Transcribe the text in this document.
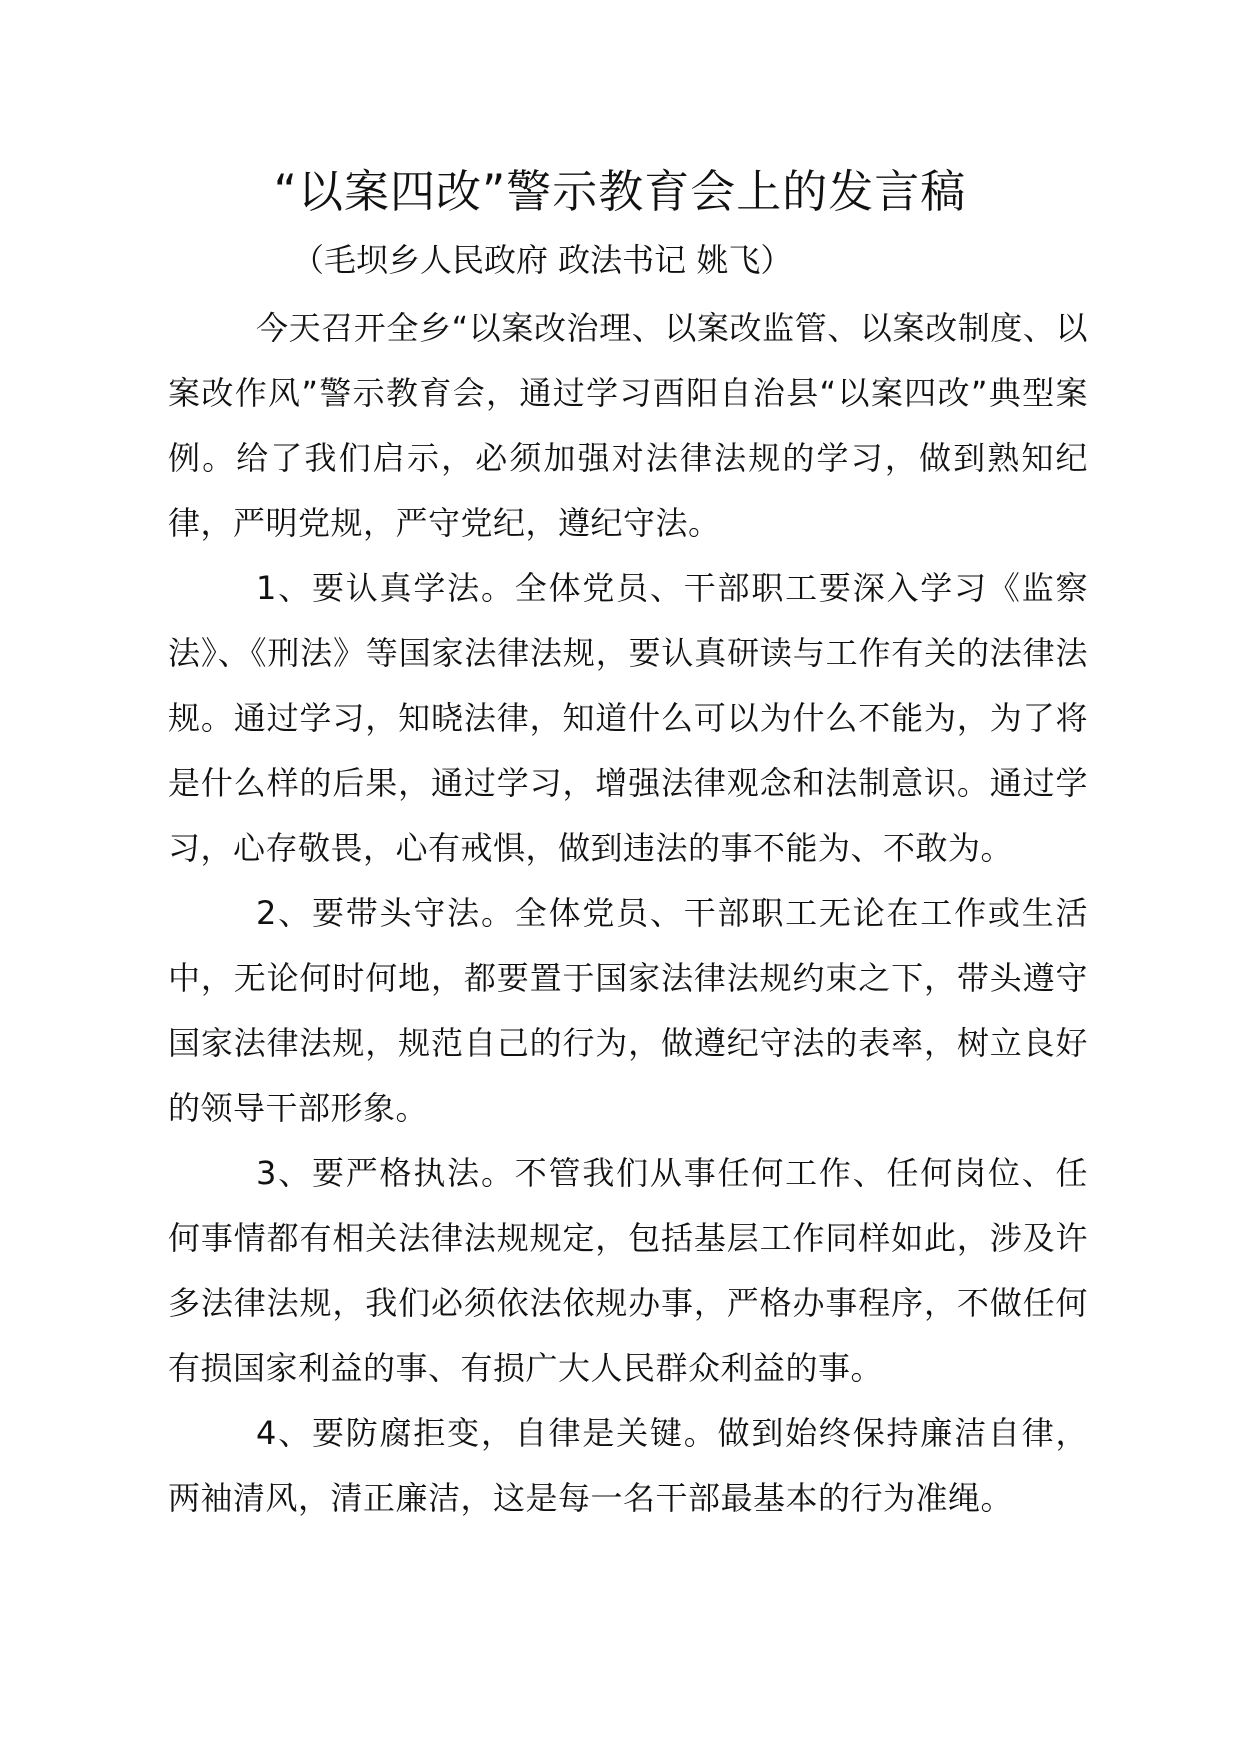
“以案四改”警示教育会上的发言稿

（毛坝乡人民政府 政法书记 姚飞）

今天召开全乡“以案改治理、以案改监管、以案改制度、以案改作风”警示教育会，通过学习酉阳自治县“以案四改”典型案例。给了我们启示，必须加强对法律法规的学习，做到熟知纪律，严明党规，严守党纪，遵纪守法。

1、要认真学法。全体党员、干部职工要深入学习《监察法》、《刑法》等国家法律法规，要认真研读与工作有关的法律法规。通过学习，知晓法律，知道什么可以为什么不能为，为了将是什么样的后果，通过学习，增强法律观念和法制意识。通过学习，心存敬畏，心有戒惧，做到违法的事不能为、不敢为。

2、要带头守法。全体党员、干部职工无论在工作或生活中，无论何时何地，都要置于国家法律法规约束之下，带头遵守国家法律法规，规范自己的行为，做遵纪守法的表率，树立良好的领导干部形象。

3、要严格执法。不管我们从事任何工作、任何岗位、任何事情都有相关法律法规规定，包括基层工作同样如此，涉及许多法律法规，我们必须依法依规办事，严格办事程序，不做任何有损国家利益的事、有损广大人民群众利益的事。

4、要防腐拒变，自律是关键。做到始终保持廉洁自律，两袖清风，清正廉洁，这是每一名干部最基本的行为准绳。
